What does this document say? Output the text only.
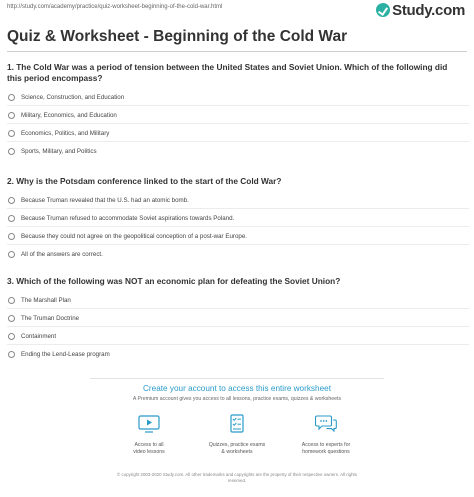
http://study.com/academy/practice/quiz-worksheet-beginning-of-the-cold-war.html	Study.com
Quiz & Worksheet - Beginning of the Cold War
1. The Cold War was a period of tension between the United States and Soviet Union. Which of the following did
this period encompass?
Science, Construction, and Education
Military, Economics, and Education
Economics, Politics, and Military
Sports, Military, and Politics
2. Why is the Potsdam conference linked to the start of the Cold War?
Because Truman revealed that the U.S. had an atomic bomb.
Because Truman refused to accommodate Soviet aspirations towards Poland.
Because they could not agree on the geopolitical conception of a post-war Europe.
All of the answers are correct.
3. Which of the following was NOT an economic plan for defeating the Soviet Union?
The Marshall Plan
The Truman Doctrine
Containment
Ending the Lend-Lease program
Create your account to access this entire worksheet
A Premium account gives you access to all lessons, practice exams, quizzes & worksheets
Access to all
video lessons
Quizzes, practice exams
& worksheets
Access to experts for
homework questions
© copyright 2003-2020 Study.com. All other trademarks and copyrights are the property of their respective owners. All rights
reserved.
